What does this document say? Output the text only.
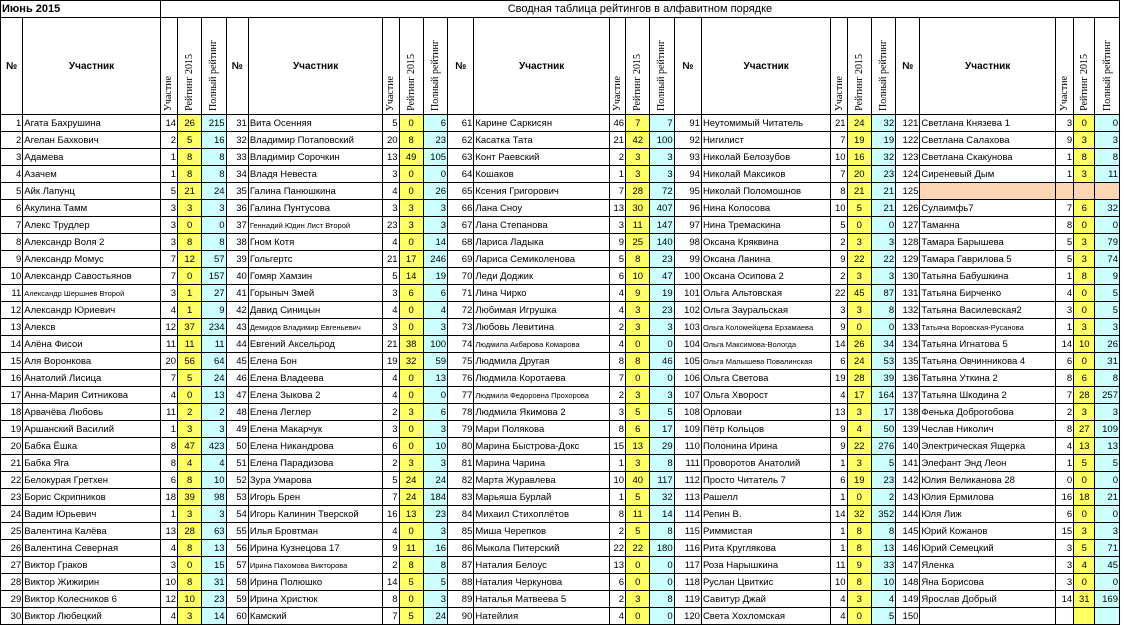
Июнь 2015		Сводная таблица рейтингов в алфавитном порядке																						
№	Участник	Участие	Рейтинг 2015	Полный рейтинг	№	Участник	Участие	Рейтинг 2015	Полный рейтинг	№	Участник	Участие	Рейтинг 2015	Полный рейтинг	№	Участник	Участие	Рейтинг 2015	Полный рейтинг	№	Участник	Участие	Рейтинг 2015	Полный рейтинг
1	Агата Бахрушина	14	26	215	31	Вита Осенняя	5	0	6	61	Карине Саркисян	46	7	7	91	Неутомимый Читатель	21	24	32	121	Светлана Князева 1	3	0	0
2	Агелан Бахкович	2	5	16	32	Владимир Потаповский	20	8	23	62	Касатка Тата	21	42	100	92	Нигилист	7	19	19	122	Светлана Салахова	9	3	3
3	Адамева	1	8	8	33	Владимир Сорочкин	13	49	105	63	Конт Раевский	2	3	3	93	Николай Белозубов	10	16	32	123	Светлана Скакунова	1	8	8
4	Азачем	1	8	8	34	Владя Невеста	3	0	0	64	Кошаков	1	3	3	94	Николай Максиков	7	20	23	124	Сиреневый Дым	1	3	11
5	Айк Лапунц	5	21	24	35	Галина Панюшкина	4	0	26	65	Ксения Григорович	7	28	72	95	Николай Поломошнов	8	21	21	125				
6	Акулина Тамм	3	3	3	36	Галина Пунтусова	3	3	3	66	Лана Сноу	13	30	407	96	Нина Колосова	10	5	21	126	Сулаимфь7	7	6	32
7	Алекс Трудлер	3	0	0	37	Геннадий Юдин Лист Второй	23	3	3	67	Лана Степанова	3	11	147	97	Нина Тремаскина	5	0	0	127	Таманна	8	0	0
8	Александр Воля 2	3	8	8	38	Гном Котя	4	0	14	68	Лариса Ладыка	9	25	140	98	Оксана Кряквина	2	3	3	128	Тамара Барышева	5	3	79
9	Александр Момус	7	12	57	39	Гольгертс	21	17	246	69	Лариса Семиколенова	5	8	23	99	Оксана Ланина	9	22	22	129	Тамара Гаврилова 5	5	3	74
10	Александр Савостьянов	7	0	157	40	Гомяр Хамзин	5	14	19	70	Леди Доджик	6	10	47	100	Оксана Осипова 2	2	3	3	130	Татьяна Бабушкина	1	8	9
11	Александр Шершнев Второй	3	1	27	41	Горыныч Змей	3	6	6	71	Лина Чирко	4	9	19	101	Ольга Альтовская	22	45	87	131	Татьяна Бирченко	4	0	5
12	Александр Юриевич	4	1	9	42	Давид Синицын	4	0	4	72	Любимая Игрушка	4	3	23	102	Ольга Зауральская	3	3	8	132	Татьяна Василевская2	3	0	5
13	Алексв	12	37	234	43	Демидов Владимир Евгеньевич	3	0	3	73	Любовь Левитина	2	3	3	103	Ольга Коломейцева Ерзамаева	9	0	0	133	Татьяна Воровская-Русанова	1	3	3
14	Алёна Фисои	11	11	11	44	Евгений Аксельрод	21	38	100	74	Людмила Акбарова Комарова	4	0	0	104	Ольга Максимова-Вологда	14	26	34	134	Татьяна Игнатова 5	14	10	26
15	Аля Воронкова	20	56	64	45	Елена Бон	19	32	59	75	Людмила Другая	8	8	46	105	Ольга Малышева Повалинская	6	24	53	135	Татьяна Овчинникова 4	6	0	31
16	Анатолий Лисица	7	5	24	46	Елена Владеева	4	0	13	76	Людмила Коротаева	7	0	0	106	Ольга Светова	19	28	39	136	Татьяна Уткина 2	8	6	8
17	Анна-Мария Ситникова	4	0	13	47	Елена Зыкова 2	4	0	0	77	Людмила Федоровна Прохорова	2	3	3	107	Ольга Хворост	4	17	164	137	Татьяна Шкодина 2	7	28	257
18	Арвачёва Любовь	11	2	2	48	Елена Леглер	2	3	6	78	Людмила Якимова 2	3	5	5	108	Орловаи	13	3	17	138	Фенька Доброгобова	2	3	3
19	Аршанский Василий	1	3	3	49	Елена Макарчук	3	0	3	79	Мари Полякова	8	6	17	109	Пётр Кольцов	9	4	50	139	Чеслав Николич	8	27	109
20	Бабка Ёшка	8	47	423	50	Елена Никандрова	6	0	10	80	Марина Быстрова-Докс	15	13	29	110	Полонина Ирина	9	22	276	140	Электрическая Ящерка	4	13	13
21	Бабка Яга	8	4	4	51	Елена Парадизова	2	3	3	81	Марина Чарина	1	3	8	111	Проворотов Анатолий	1	3	5	141	Элефант Энд Леон	1	5	5
22	Белокурая Гретхен	6	8	10	52	Зура Умарова	5	24	24	82	Марта Журавлева	10	40	117	112	Просто Читатель 7	6	19	23	142	Юлия Великанова 28	0	0	0
23	Борис Скрипников	18	39	98	53	Игорь Брен	7	24	184	83	Марьяша Бурлай	1	5	32	113	Рашелл	1	0	2	143	Юлия Ермилова	16	18	21
24	Вадим Юрьевич	1	3	3	54	Игорь Калинин Тверской	16	13	23	84	Михаил Стихоплётов	8	11	14	114	Репин В.	14	32	352	144	Юля Лиж	6	0	0
25	Валентина Калёва	13	28	63	55	Илья Бровтман	4	0	3	85	Миша Черепков	2	5	8	115	Риммистая	1	8	8	145	Юрий Кожанов	15	3	3
26	Валентина Северная	4	8	13	56	Ирина Кузнецова 17	9	11	16	86	Мыкола Питерский	22	22	180	116	Рита Круглякова	1	8	13	146	Юрий Семецкий	3	5	71
27	Виктор Граков	3	0	15	57	Ирина Пахомова Викторова	2	8	8	87	Наталия Белоус	13	0	0	117	Роза Нарышкина	11	9	33	147	Яленка	3	4	45
28	Виктор Жижирин	10	8	31	58	Ирина Полюшко	14	5	5	88	Наталия Черкунова	6	0	0	118	Руслан Цвиткис	10	8	10	148	Яна Борисова	3	0	0
29	Виктор Колесников 6	12	10	23	59	Ирина Христюк	8	0	3	89	Наталья Матвеева 5	2	3	8	119	Савитур Джай	4	3	4	149	Ярослав Добрый	14	31	169
30	Виктор Любецкий	4	3	14	60	Камский	7	5	24	90	Натейлия	4	0	0	120	Света Хохломская	4	0	5	150				
